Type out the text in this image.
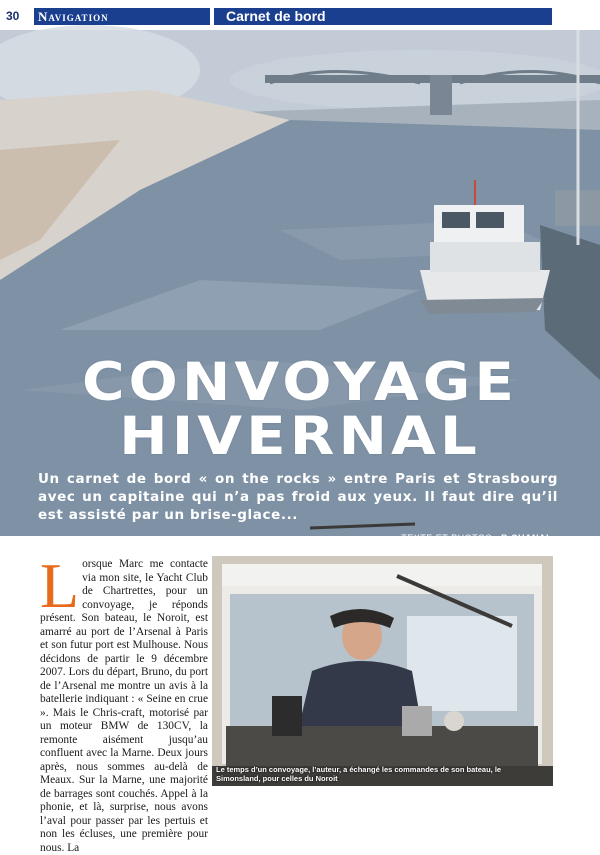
30	Navigation	Carnet de bord
CONVOYAGE
HIVERNAL

Un carnet de bord « on the rocks » entre Paris et Strasbourg avec un capitaine qui n’a pas froid aux yeux. Il faut dire qu’il est assisté par un brise-glace...

TEXTE ET PHOTOS : B.CHANAL
L orsque Marc me contacte via mon site, le Yacht Club de Chartrettes, pour un convoyage, je réponds présent. Son bateau, le Noroit, est amarré au port de l’Arsenal à Paris et son futur port est Mulhouse. Nous décidons de partir le 9 décembre 2007. Lors du départ, Bruno, du port de l’Arsenal me montre un avis à la batellerie indiquant : « Seine en crue ». Mais le Chris-craft, motorisé par un moteur BMW de 130CV, la remonte aisément jusqu’au confluent avec la Marne. Deux jours après, nous sommes au-delà de Meaux. Sur la Marne, une majorité de barrages sont couchés. Appel à la phonie, et là, surprise, nous avons l’aval pour passer par les pertuis et non les écluses, une première pour nous. La
Le temps d’un convoyage, l’auteur, a échangé les commandes de son bateau, le Simonsland, pour celles du Noroit
